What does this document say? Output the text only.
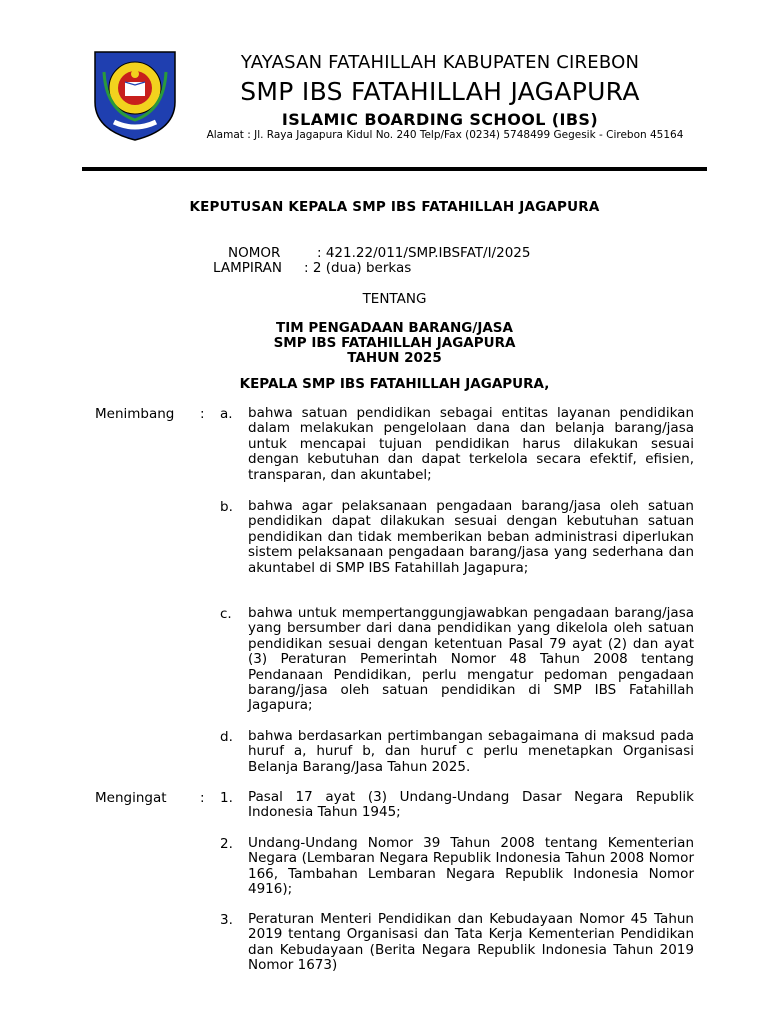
YAYASAN FATAHILLAH KABUPATEN CIREBON
SMP IBS FATAHILLAH JAGAPURA
ISLAMIC BOARDING SCHOOL (IBS)
Alamat : Jl. Raya Jagapura Kidul No. 240 Telp/Fax (0234) 5748499 Gegesik - Cirebon 45164
KEPUTUSAN KEPALA SMP IBS FATAHILLAH JAGAPURA
NOMOR	: 421.22/011/SMP.IBSFAT/I/2025
LAMPIRAN : 2 (dua) berkas
TENTANG
TIM PENGADAAN BARANG/JASA
SMP IBS FATAHILLAH JAGAPURA
TAHUN 2025
KEPALA SMP IBS FATAHILLAH JAGAPURA,
Menimbang : a. bahwa satuan pendidikan sebagai entitas layanan pendidikan dalam melakukan pengelolaan dana dan belanja barang/jasa untuk mencapai tujuan pendidikan harus dilakukan sesuai dengan kebutuhan dan dapat terkelola secara efektif, efisien, transparan, dan akuntabel;
b. bahwa agar pelaksanaan pengadaan barang/jasa oleh satuan pendidikan dapat dilakukan sesuai dengan kebutuhan satuan pendidikan dan tidak memberikan beban administrasi diperlukan sistem pelaksanaan pengadaan barang/jasa yang sederhana dan akuntabel di SMP IBS Fatahillah Jagapura;
c. bahwa untuk mempertanggungjawabkan pengadaan barang/jasa yang bersumber dari dana pendidikan yang dikelola oleh satuan pendidikan sesuai dengan ketentuan Pasal 79 ayat (2) dan ayat (3) Peraturan Pemerintah Nomor 48 Tahun 2008 tentang Pendanaan Pendidikan, perlu mengatur pedoman pengadaan barang/jasa oleh satuan pendidikan di SMP IBS Fatahillah Jagapura;
d. bahwa berdasarkan pertimbangan sebagaimana di maksud pada huruf a, huruf b, dan huruf c perlu menetapkan Organisasi Belanja Barang/Jasa Tahun 2025.
Mengingat : 1. Pasal 17 ayat (3) Undang-Undang Dasar Negara Republik Indonesia Tahun 1945;
2. Undang-Undang Nomor 39 Tahun 2008 tentang Kementerian Negara (Lembaran Negara Republik Indonesia Tahun 2008 Nomor 166, Tambahan Lembaran Negara Republik Indonesia Nomor 4916);
3. Peraturan Menteri Pendidikan dan Kebudayaan Nomor 45 Tahun 2019 tentang Organisasi dan Tata Kerja Kementerian Pendidikan dan Kebudayaan (Berita Negara Republik Indonesia Tahun 2019 Nomor 1673)
